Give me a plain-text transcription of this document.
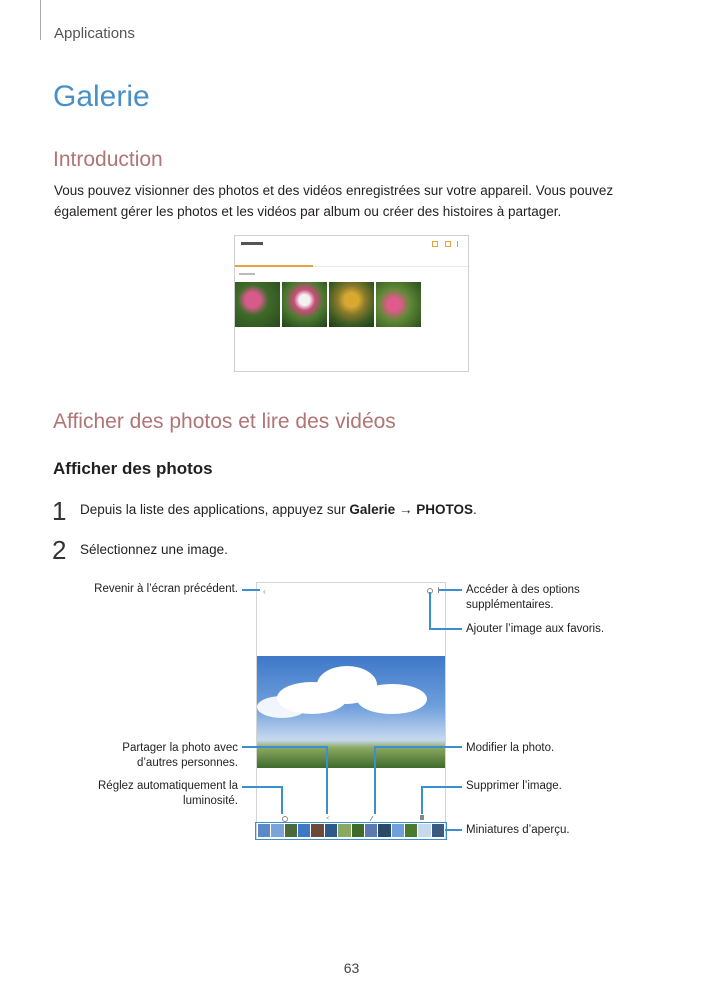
Applications
Galerie
Introduction
Vous pouvez visionner des photos et des vidéos enregistrées sur votre appareil. Vous pouvez également gérer les photos et les vidéos par album ou créer des histoires à partager.
Afficher des photos et lire des vidéos
Afficher des photos
1 Depuis la liste des applications, appuyez sur Galerie → PHOTOS.
2 Sélectionnez une image.
‹
<
Revenir à l’écran précédent.
Partager la photo avec d’autres personnes.
Réglez automatiquement la luminosité.
Accéder à des options supplémentaires.
Ajouter l’image aux favoris.
Modifier la photo.
Supprimer l’image.
Miniatures d’aperçu.
63
